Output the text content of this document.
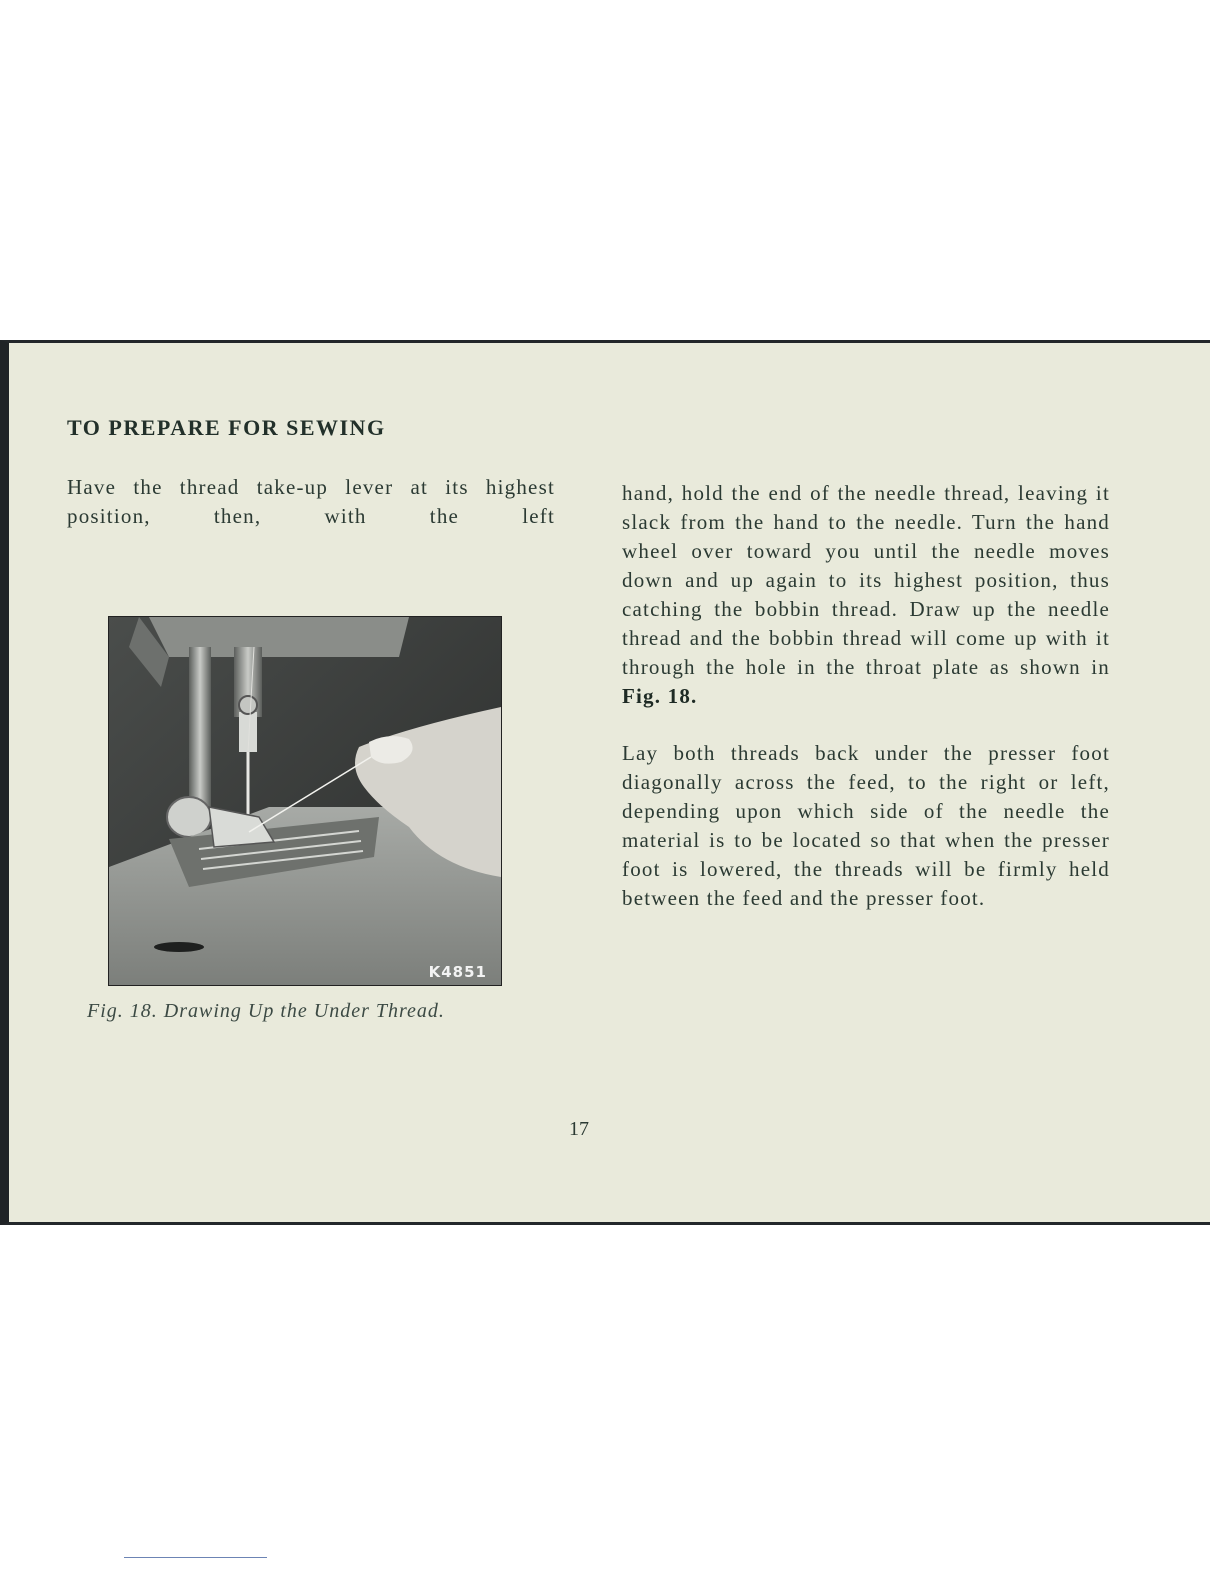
TO PREPARE FOR SEWING

Have the thread take-up lever at its highest position, then, with the left

K4851

Fig. 18. Drawing Up the Under Thread.

hand, hold the end of the needle thread, leaving it slack from the hand to the needle. Turn the hand wheel over toward you until the needle moves down and up again to its highest position, thus catching the bobbin thread. Draw up the needle thread and the bobbin thread will come up with it through the hole in the throat plate as shown in Fig. 18.

Lay both threads back under the presser foot diagonally across the feed, to the right or left, depending upon which side of the needle the material is to be located so that when the presser foot is lowered, the threads will be firmly held between the feed and the presser foot.

17
